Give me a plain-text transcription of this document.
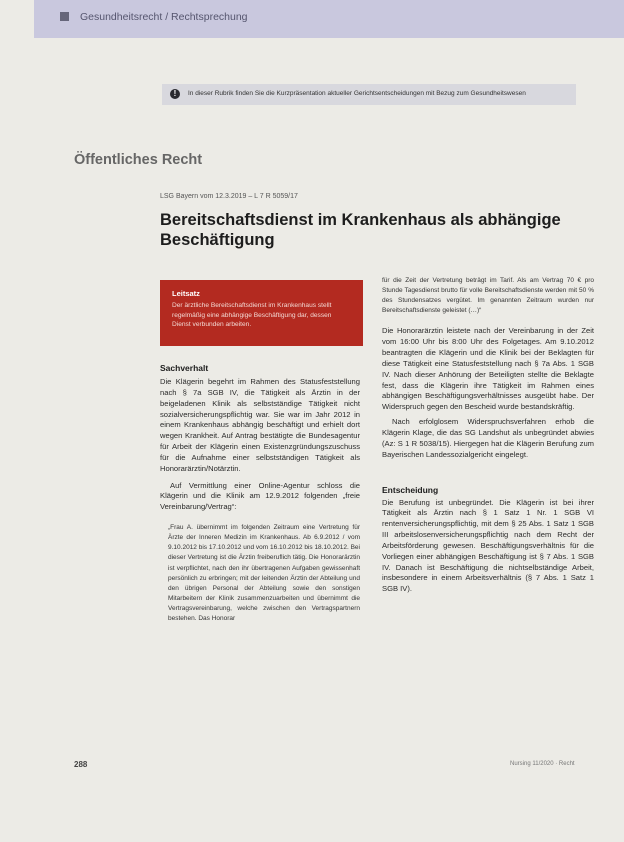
Gesundheitsrecht / Rechtsprechung
!	In dieser Rubrik finden Sie die Kurzpräsentation aktueller Gerichtsentscheidungen mit Bezug zum Gesundheitswesen
Öffentliches Recht
LSG Bayern vom 12.3.2019 – L 7 R 5059/17
Bereitschaftsdienst im Krankenhaus als abhängige Beschäftigung
Leitsatz
Der ärztliche Bereitschaftsdienst im Krankenhaus stellt regelmäßig eine abhängige Beschäftigung dar, dessen Dienst verbunden arbeiten.
Sachverhalt
Die Klägerin begehrt im Rahmen des Statusfeststellung nach § 7a SGB IV, die Tätigkeit als Ärztin in der beigeladenen Klinik als selbstständige Tätigkeit nicht sozialversicherungspflichtig war. Sie war im Jahr 2012 in einem Krankenhaus abhängig beschäftigt und erhielt dort wegen Krankheit. Auf Antrag bestätigte die Bundesagentur für Arbeit der Klägerin einen Existenzgründungszuschuss für die Aufnahme einer selbstständigen Tätigkeit als Honorarärztin/Notärztin.
Auf Vermittlung einer Online-Agentur schloss die Klägerin und die Klinik am 12.9.2012 folgenden „freie Vereinbarung/Vertrag“:
„Frau A. übernimmt im folgenden Zeitraum eine Vertretung für Ärzte der Inneren Medizin im Krankenhaus. Ab 6.9.2012 / vom 9.10.2012 bis 17.10.2012 und vom 16.10.2012 bis 18.10.2012. Bei dieser Vertretung ist die Ärztin freiberuflich tätig. Die Honorarärztin ist verpflichtet, nach den ihr übertragenen Aufgaben gewissenhaft persönlich zu erbringen; mit der leitenden Ärztin der Abteilung und den übrigen Personal der Abteilung sowie den sonstigen Mitarbeitern der Klinik zusammenzuarbeiten und übernimmt die Vertragsvereinbarung, welche zwischen den Vertragspartnern bestehen. Das Honorar
für die Zeit der Vertretung beträgt im Tarif. Als am Vertrag 70 € pro Stunde Tagesdienst brutto für volle Bereitschaftsdienste werden mit 50 % des Stundensatzes vergütet. Im genannten Zeitraum wurden nur Bereitschaftsdienste geleistet (…)“
Die Honorarärztin leistete nach der Vereinbarung in der Zeit vom 16:00 Uhr bis 8:00 Uhr des Folgetages. Am 9.10.2012 beantragten die Klägerin und die Klinik bei der Beklagten für diese Tätigkeit eine Statusfeststellung nach § 7a Abs. 1 SGB IV. Nach dieser Anhörung der Beteiligten stellte die Beklagte fest, dass die Klägerin ihre Tätigkeit im Rahmen eines abhängigen Beschäftigungsverhältnisses ausgeübt habe. Der Widerspruch gegen den Bescheid wurde bestandskräftig.
Nach erfolglosem Widerspruchsverfahren erhob die Klägerin Klage, die das SG Landshut als unbegründet abwies (Az: S 1 R 5038/15). Hiergegen hat die Klägerin Berufung zum Bayerischen Landessozialgericht eingelegt.
Entscheidung
Die Berufung ist unbegründet. Die Klägerin ist bei ihrer Tätigkeit als Ärztin nach § 1 Satz 1 Nr. 1 SGB VI rentenversicherungspflichtig, mit dem § 25 Abs. 1 Satz 1 SGB III arbeitslosenversicherungspflichtig nach dem Recht der Arbeitsförderung gewesen. Beschäftigungsverhältnis für die Vorliegen einer abhängigen Beschäftigung ist § 7 Abs. 1 SGB IV. Danach ist Beschäftigung die nichtselbständige Arbeit, insbesondere in einem Arbeitsverhältnis (§ 7 Abs. 1 Satz 1 SGB IV).
288	Nursing 11/2020 · Recht
